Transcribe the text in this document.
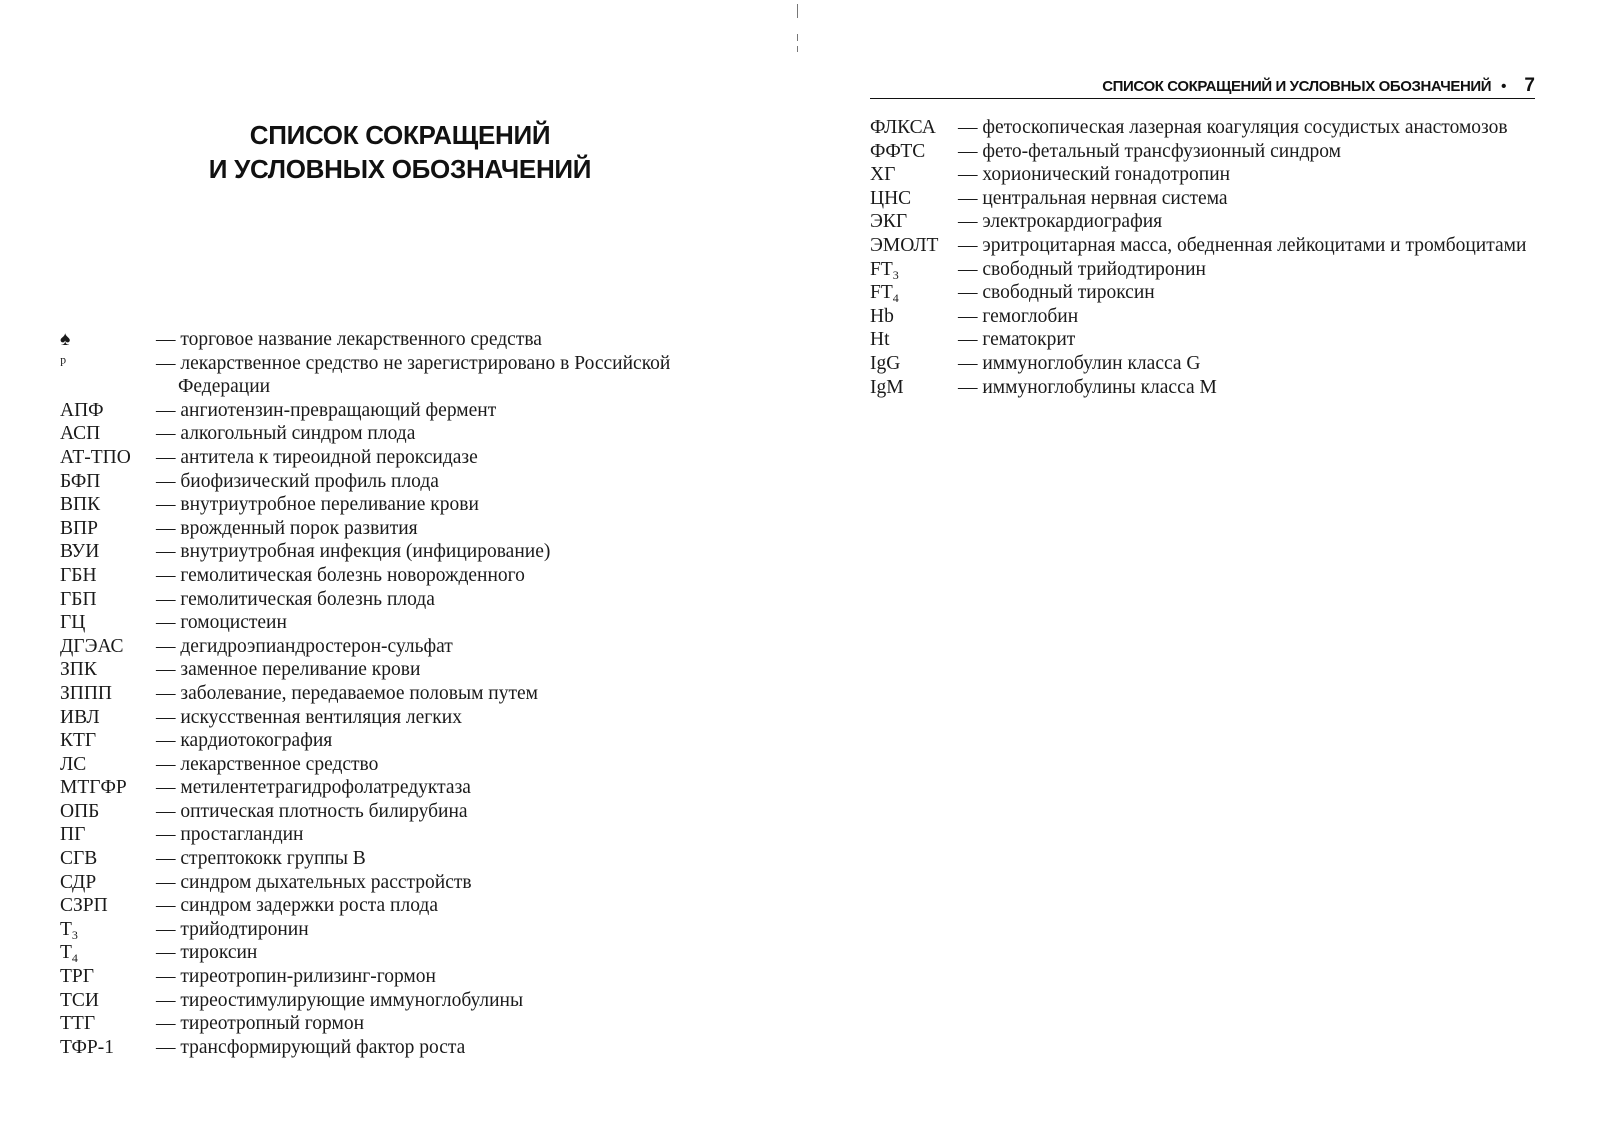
СПИСОК СОКРАЩЕНИЙ
И УСЛОВНЫХ ОБОЗНАЧЕНИЙ
♠	— торговое название лекарственного средства
ᵖ	— лекарственное средство не зарегистрировано в Российской Федерации
АПФ	— ангиотензин-превращающий фермент
АСП	— алкогольный синдром плода
АТ-ТПО	— антитела к тиреоидной пероксидазе
БФП	— биофизический профиль плода
ВПК	— внутриутробное переливание крови
ВПР	— врожденный порок развития
ВУИ	— внутриутробная инфекция (инфицирование)
ГБН	— гемолитическая болезнь новорожденного
ГБП	— гемолитическая болезнь плода
ГЦ	— гомоцистеин
ДГЭАС	— дегидроэпиандростерон-сульфат
ЗПК	— заменное переливание крови
ЗППП	— заболевание, передаваемое половым путем
ИВЛ	— искусственная вентиляция легких
КТГ	— кардиотокография
ЛС	— лекарственное средство
МТГФР	— метилентетрагидрофолатредуктаза
ОПБ	— оптическая плотность билирубина
ПГ	— простагландин
СГВ	— стрептококк группы В
СДР	— синдром дыхательных расстройств
СЗРП	— синдром задержки роста плода
$T_3$	— трийодтиронин
$T_4$	— тироксин
ТРГ	— тиреотропин-рилизинг-гормон
ТСИ	— тиреостимулирующие иммуноглобулины
ТТГ	— тиреотропный гормон
ТФР-1	— трансформирующий фактор роста
СПИСОК СОКРАЩЕНИЙ И УСЛОВНЫХ ОБОЗНАЧЕНИЙ • 7
ФЛКСА	— фетоскопическая лазерная коагуляция сосудистых анастомозов
ФФТС	— фето-фетальный трансфузионный синдром
ХГ	— хорионический гонадотропин
ЦНС	— центральная нервная система
ЭКГ	— электрокардиография
ЭМОЛТ	— эритроцитарная масса, обедненная лейкоцитами и тромбоцитами
$FT_3$	— свободный трийодтиронин
$FT_4$	— свободный тироксин
Hb	— гемоглобин
Ht	— гематокрит
IgG	— иммуноглобулин класса G
IgM	— иммуноглобулины класса М
